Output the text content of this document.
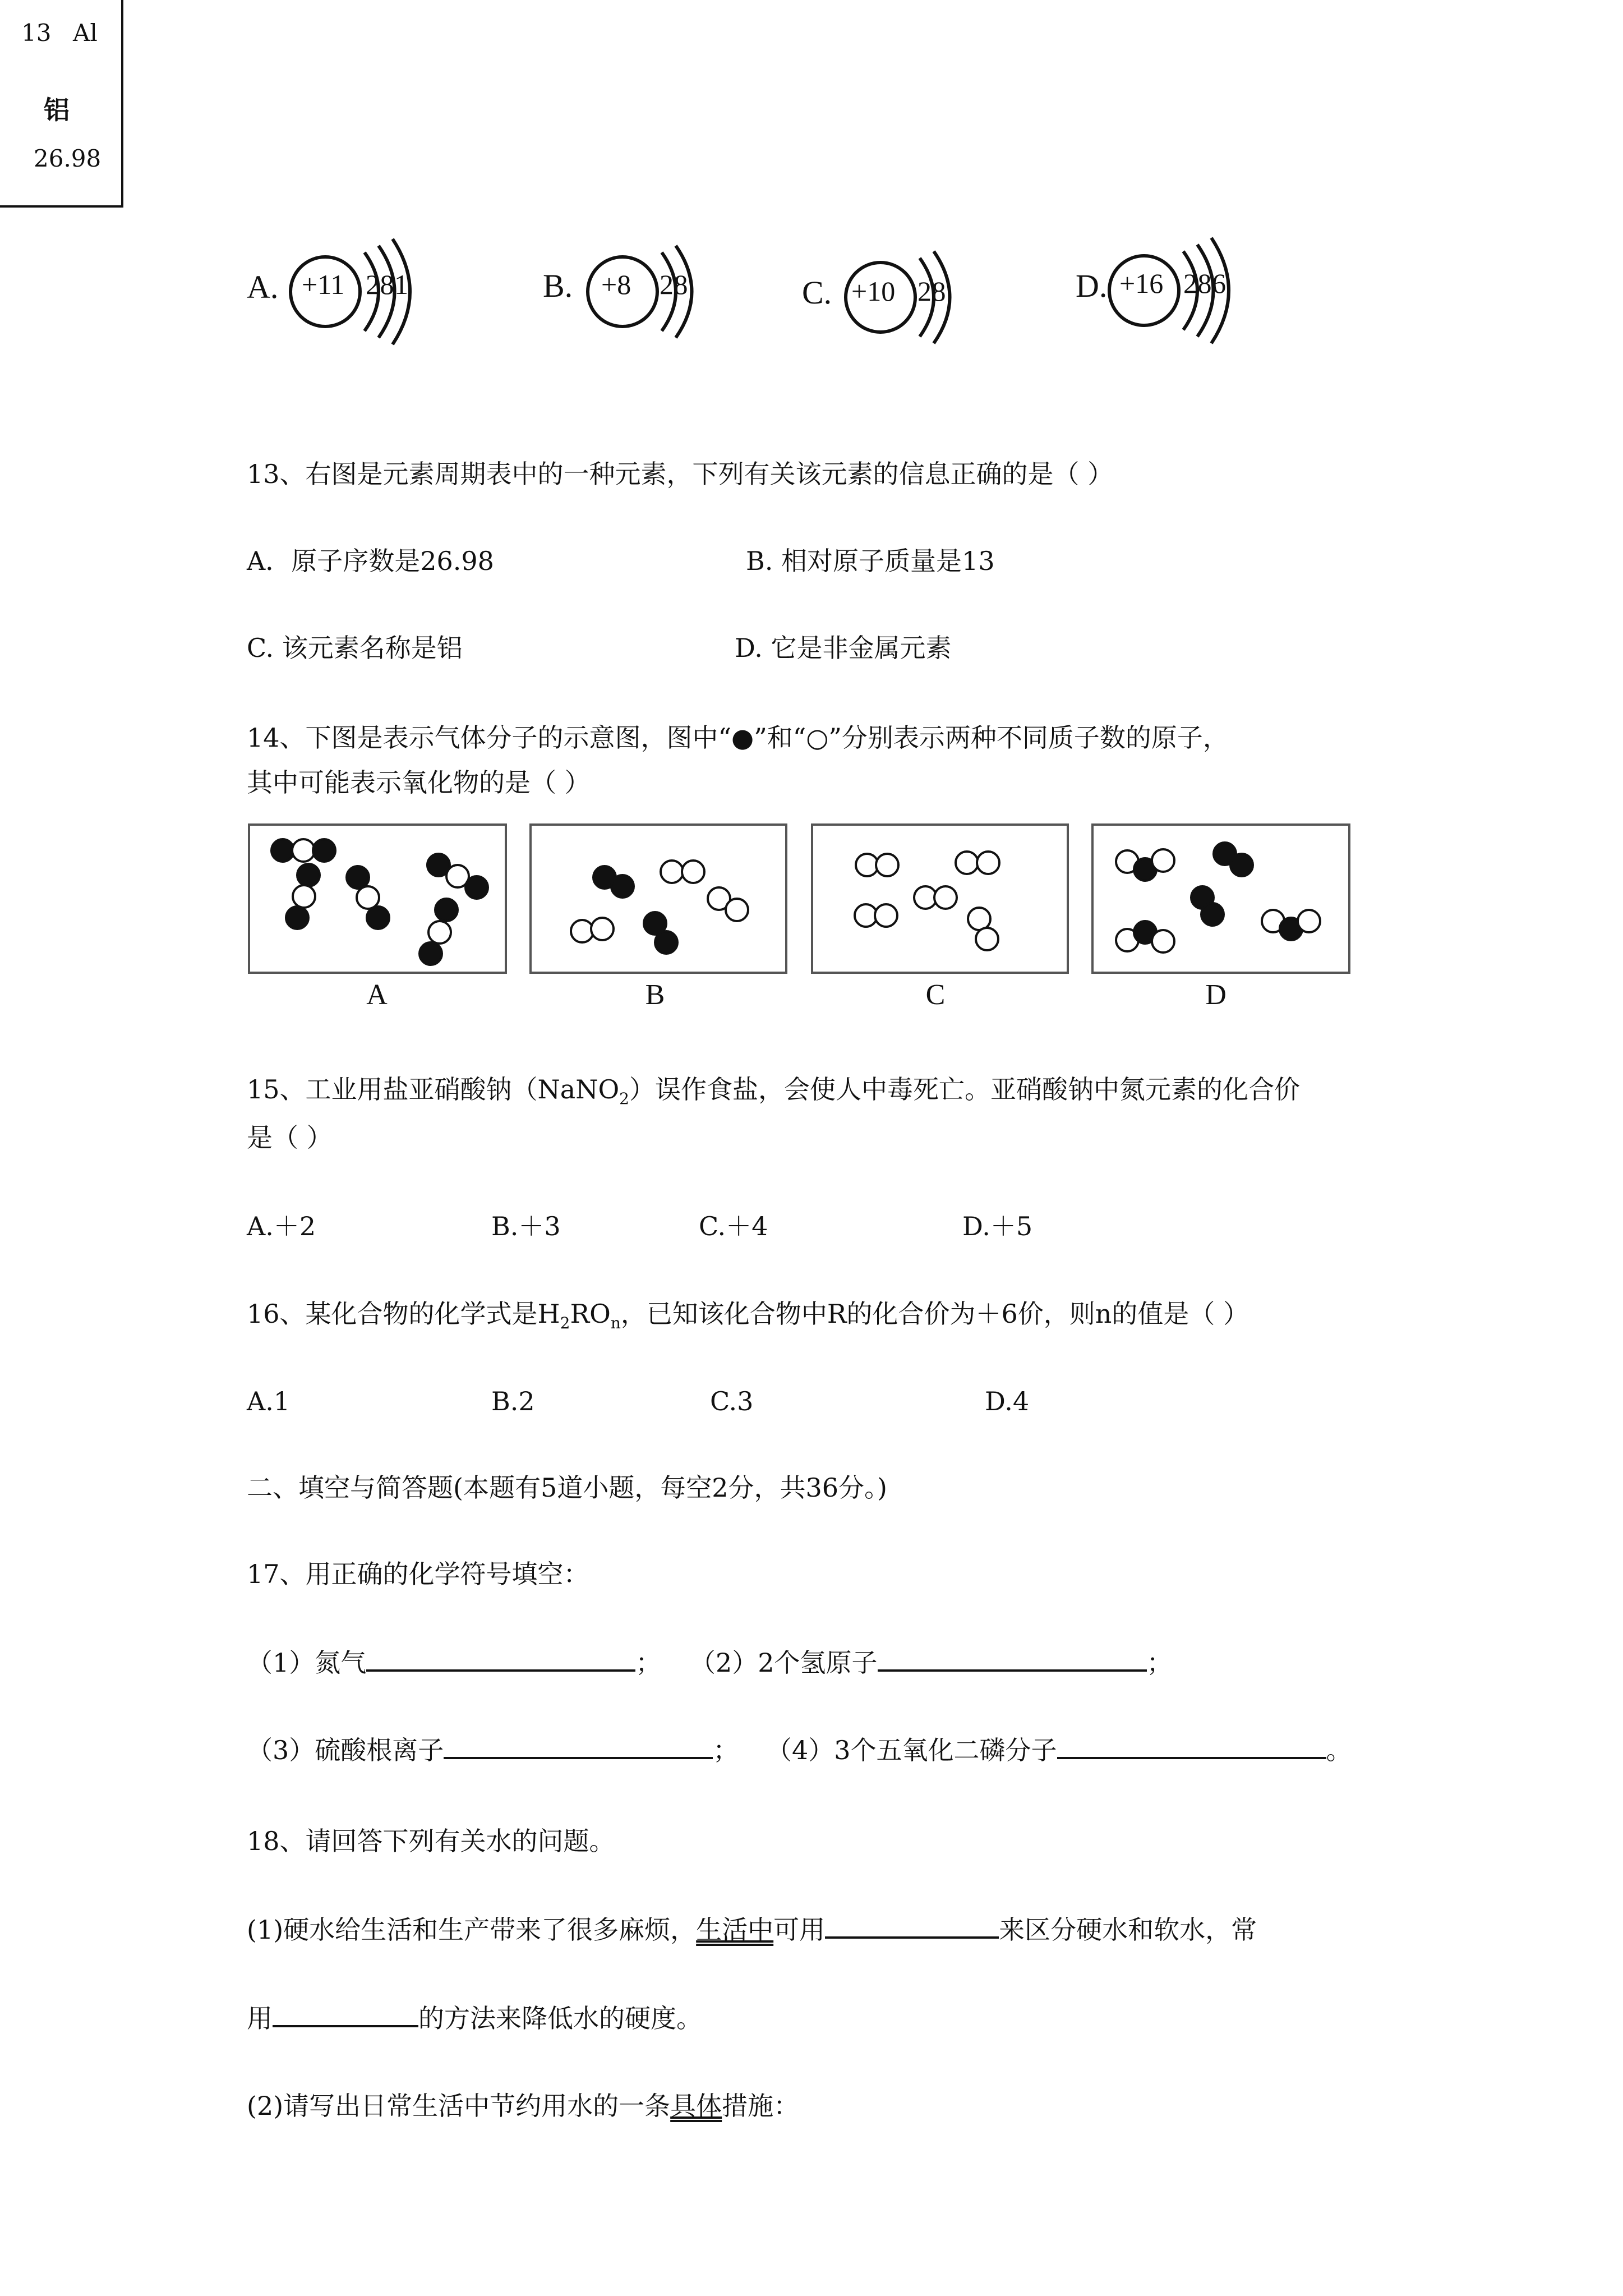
13 Al
铝
26.98
A. +11 2 8 1	B. +8 2 8	C. +10 2 8	D. +16 2 8 6
13、右图是元素周期表中的一种元素，下列有关该元素的信息正确的是（ ）
A．原子序数是26.98	B. 相对原子质量是13
C. 该元素名称是铝	D. 它是非金属元素
14、下图是表示气体分子的示意图，图中“●”和“○”分别表示两种不同质子数的原子，
其中可能表示氧化物的是（ ）
A	B	C	D
15、工业用盐亚硝酸钠（NaNO$_2$）误作食盐，会使人中毒死亡。亚硝酸钠中氮元素的化合价
是（ ）
A.＋2	B.＋3	C.＋4	D.＋5
16、某化合物的化学式是$H_2RO_n$，已知该化合物中R的化合价为＋6价，则n的值是（ ）
A.1	B.2	C.3	D.4
二、填空与简答题(本题有5道小题，每空2分，共36分。)
17、用正确的化学符号填空：
（1）氮气	； （2）2个氢原子	；
（3）硫酸根离子	； （4）3个五氧化二磷分子	。
18、请回答下列有关水的问题。
(1)硬水给生活和生产带来了很多麻烦，生活中可用	来区分硬水和软水，常
用	的方法来降低水的硬度。
(2)请写出日常生活中节约用水的一条具体措施：
